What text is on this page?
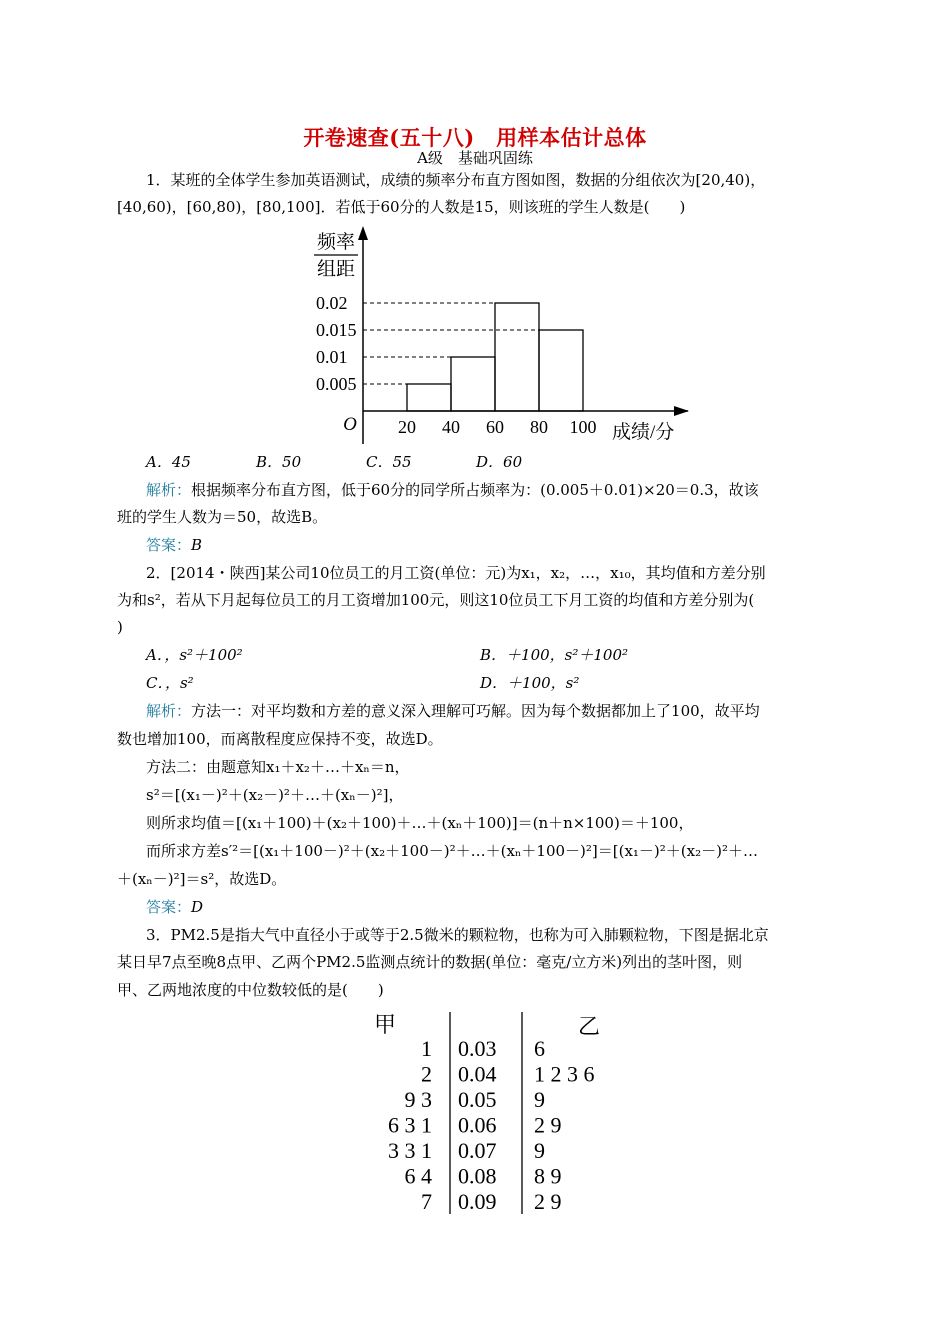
开卷速查(五十八)　用样本估计总体
A级　基础巩固练
1．某班的全体学生参加英语测试，成绩的频率分布直方图如图，数据的分组依次为[20,40)，
[40,60)，[60,80)，[80,100]．若低于60分的人数是15，则该班的学生人数是(　　)
频率
组距
O
0.005
0.01
0.015
0.02
20 40 60 80 100 成绩/分
A．45	B．50	C．55	D．60
解析：根据频率分布直方图，低于60分的同学所占频率为：(0.005＋0.01)×20＝0.3，故该
班的学生人数为＝50，故选B。
答案：B
2．[2014・陕西]某公司10位员工的月工资(单位：元)为x₁，x₂，…，x₁₀，其均值和方差分别
为和s²，若从下月起每位员工的月工资增加100元，则这10位员工下月工资的均值和方差分别为(
)
A．，s²＋100²	B．＋100，s²＋100²
C．，s²	D．＋100，s²
解析：方法一：对平均数和方差的意义深入理解可巧解。因为每个数据都加上了100，故平均
数也增加100，而离散程度应保持不变，故选D。
方法二：由题意知x₁＋x₂＋…＋xₙ＝n，
s²＝[(x₁－)²＋(x₂－)²＋…＋(xₙ－)²]，
则所求均值＝[(x₁＋100)＋(x₂＋100)＋…＋(xₙ＋100)]＝(n＋n×100)＝＋100，
而所求方差s′²＝[(x₁＋100－)²＋(x₂＋100－)²＋…＋(xₙ＋100－)²]＝[(x₁－)²＋(x₂－)²＋…
＋(xₙ－)²]＝s²，故选D。
答案：D
3．PM2.5是指大气中直径小于或等于2.5微米的颗粒物，也称为可入肺颗粒物，下图是据北京
某日早7点至晚8点甲、乙两个PM2.5监测点统计的数据(单位：毫克/立方米)列出的茎叶图，则
甲、乙两地浓度的中位数较低的是(　　)
甲	乙
1 0.03 6
2 0.04 1 2 3 6
9 3 0.05 9
6 3 1 0.06 2 9
3 3 1 0.07 9
6 4 0.08 8 9
7 0.09 2 9
